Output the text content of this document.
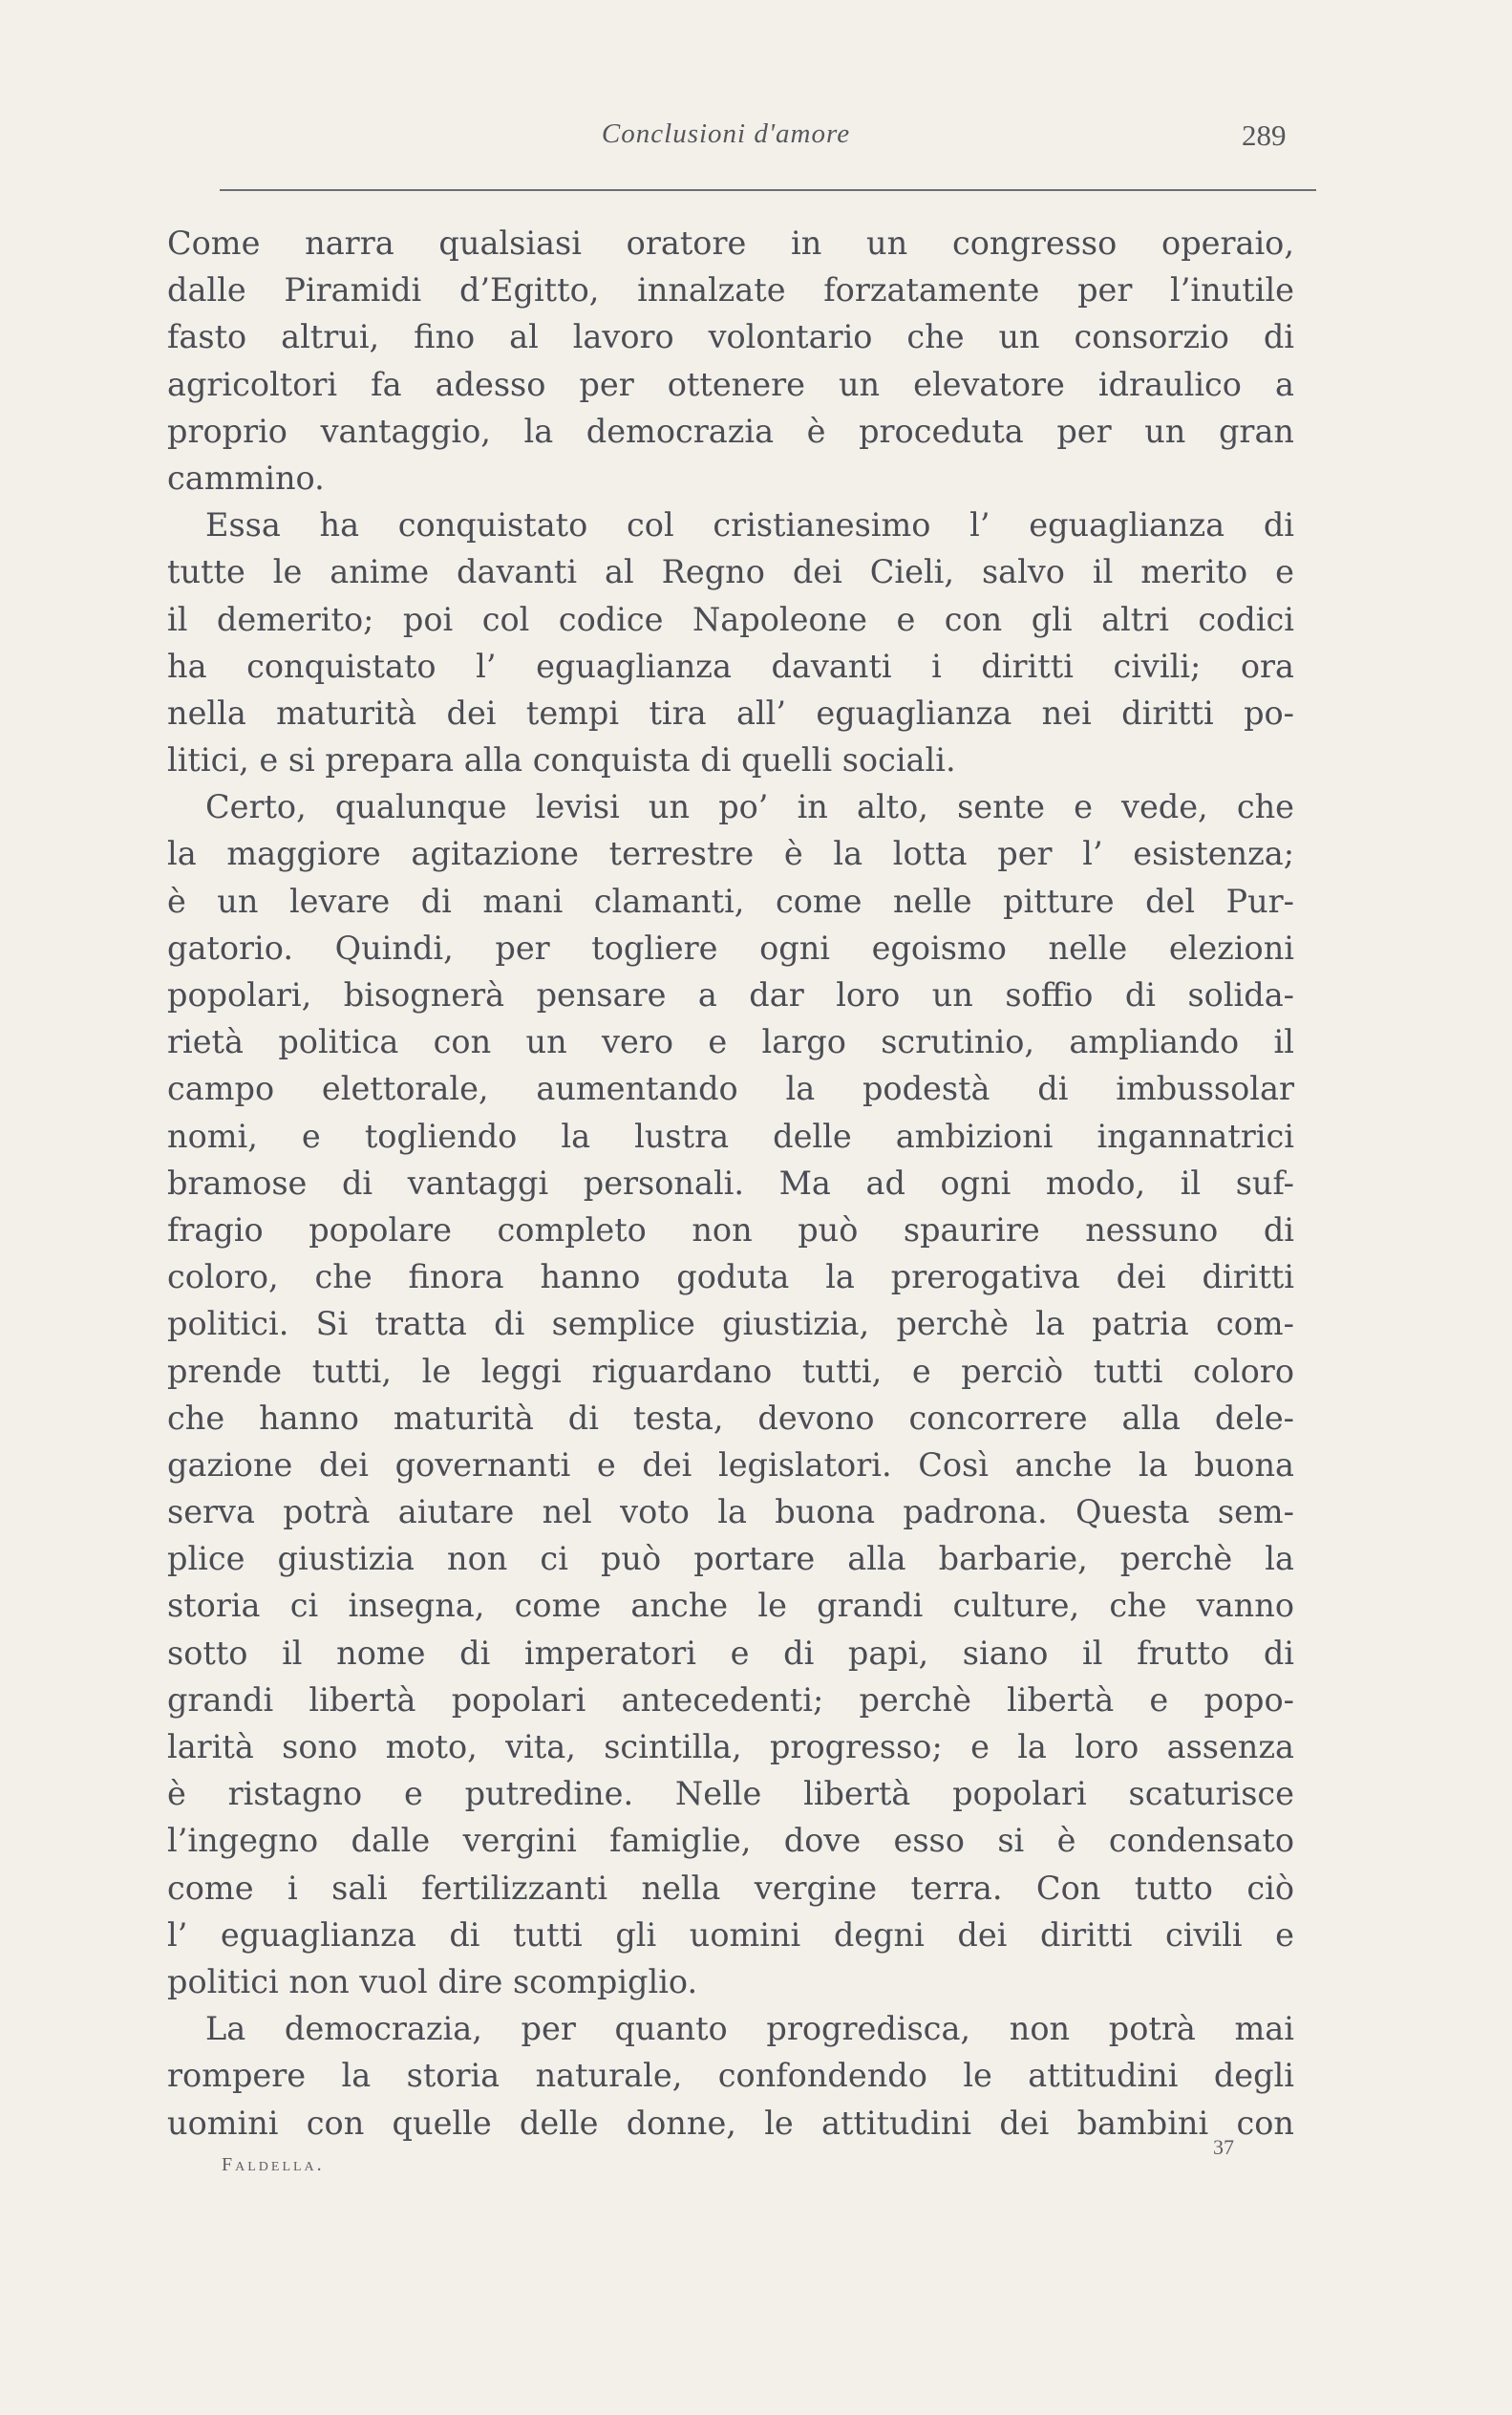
Conclusioni d'amore	289
Come narra qualsiasi oratore in un congresso operaio,
dalle Piramidi d’Egitto, innalzate forzatamente per l’inutile
fasto altrui, fino al lavoro volontario che un consorzio di
agricoltori fa adesso per ottenere un elevatore idraulico a
proprio vantaggio, la democrazia è proceduta per un gran
cammino.
Essa ha conquistato col cristianesimo l’ eguaglianza di
tutte le anime davanti al Regno dei Cieli, salvo il merito e
il demerito; poi col codice Napoleone e con gli altri codici
ha conquistato l’ eguaglianza davanti i diritti civili; ora
nella maturità dei tempi tira all’ eguaglianza nei diritti po-
litici, e si prepara alla conquista di quelli sociali.
Certo, qualunque levisi un po’ in alto, sente e vede, che
la maggiore agitazione terrestre è la lotta per l’ esistenza;
è un levare di mani clamanti, come nelle pitture del Pur-
gatorio. Quindi, per togliere ogni egoismo nelle elezioni
popolari, bisognerà pensare a dar loro un soffio di solida-
rietà politica con un vero e largo scrutinio, ampliando il
campo elettorale, aumentando la podestà di imbussolar
nomi, e togliendo la lustra delle ambizioni ingannatrici
bramose di vantaggi personali. Ma ad ogni modo, il suf-
fragio popolare completo non può spaurire nessuno di
coloro, che finora hanno goduta la prerogativa dei diritti
politici. Si tratta di semplice giustizia, perchè la patria com-
prende tutti, le leggi riguardano tutti, e perciò tutti coloro
che hanno maturità di testa, devono concorrere alla dele-
gazione dei governanti e dei legislatori. Così anche la buona
serva potrà aiutare nel voto la buona padrona. Questa sem-
plice giustizia non ci può portare alla barbarie, perchè la
storia ci insegna, come anche le grandi culture, che vanno
sotto il nome di imperatori e di papi, siano il frutto di
grandi libertà popolari antecedenti; perchè libertà e popo-
larità sono moto, vita, scintilla, progresso; e la loro assenza
è ristagno e putredine. Nelle libertà popolari scaturisce
l’ingegno dalle vergini famiglie, dove esso si è condensato
come i sali fertilizzanti nella vergine terra. Con tutto ciò
l’ eguaglianza di tutti gli uomini degni dei diritti civili e
politici non vuol dire scompiglio.
La democrazia, per quanto progredisca, non potrà mai
rompere la storia naturale, confondendo le attitudini degli
uomini con quelle delle donne, le attitudini dei bambini con
37
Faldella.
